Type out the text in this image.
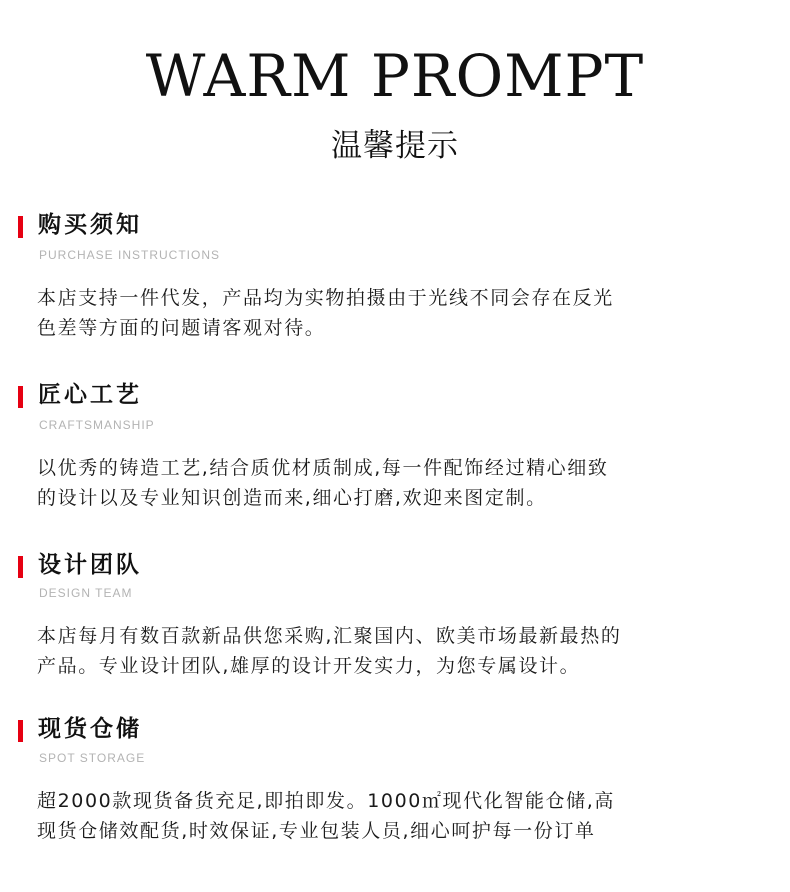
WARM PROMPT
温馨提示
购买须知
PURCHASE INSTRUCTIONS
本店支持一件代发，产品均为实物拍摄由于光线不同会存在反光
色差等方面的问题请客观对待。
匠心工艺
CRAFTSMANSHIP
以优秀的铸造工艺,结合质优材质制成,每一件配饰经过精心细致
的设计以及专业知识创造而来,细心打磨,欢迎来图定制。
设计团队
DESIGN TEAM
本店每月有数百款新品供您采购,汇聚国内、欧美市场最新最热的
产品。专业设计团队,雄厚的设计开发实力，为您专属设计。
现货仓储
SPOT STORAGE
超2000款现货备货充足,即拍即发。1000㎡现代化智能仓储,高
现货仓储效配货,时效保证,专业包装人员,细心呵护每一份订单
